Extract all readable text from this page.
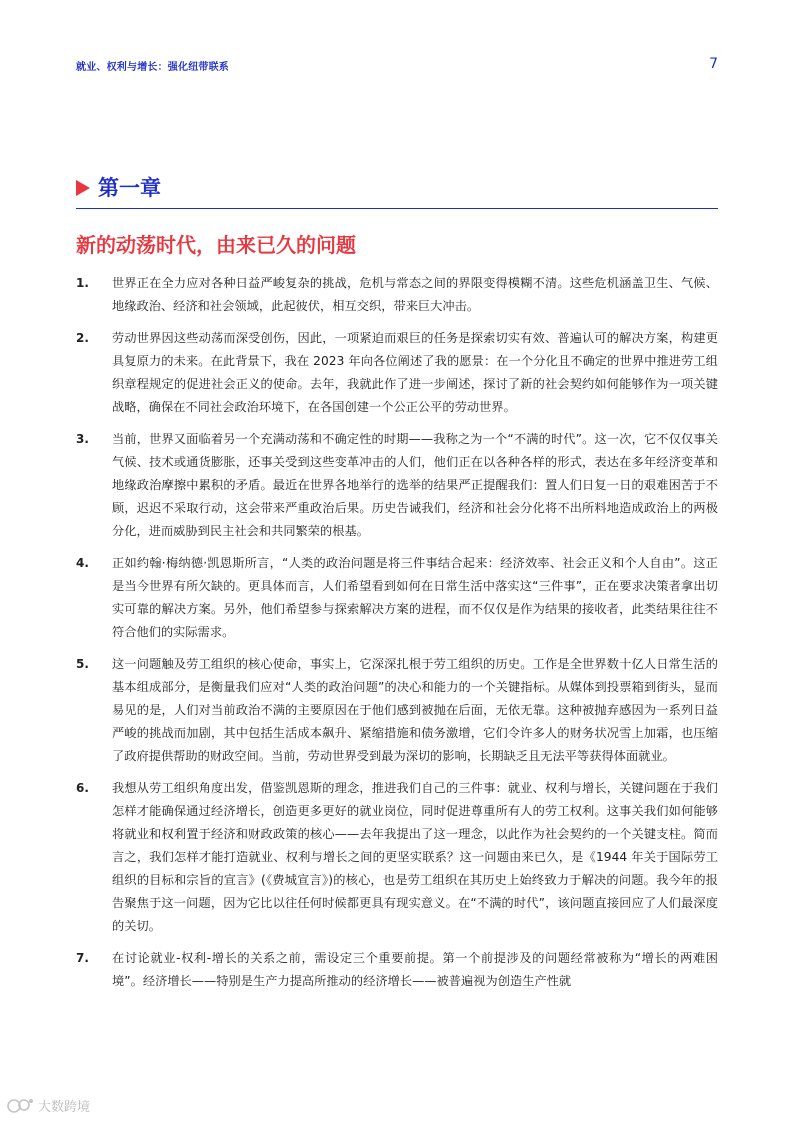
就业、权利与增长：强化纽带联系	7
第一章
新的动荡时代，由来已久的问题
1. 世界正在全力应对各种日益严峻复杂的挑战，危机与常态之间的界限变得模糊不清。这些危机涵盖卫生、气候、地缘政治、经济和社会领域，此起彼伏，相互交织，带来巨大冲击。
2. 劳动世界因这些动荡而深受创伤，因此，一项紧迫而艰巨的任务是探索切实有效、普遍认可的解决方案，构建更具复原力的未来。在此背景下，我在 2023 年向各位阐述了我的愿景：在一个分化且不确定的世界中推进劳工组织章程规定的促进社会正义的使命。去年，我就此作了进一步阐述，探讨了新的社会契约如何能够作为一项关键战略，确保在不同社会政治环境下，在各国创建一个公正公平的劳动世界。
3. 当前，世界又面临着另一个充满动荡和不确定性的时期——我称之为一个“不满的时代”。这一次，它不仅仅事关气候、技术或通货膨胀，还事关受到这些变革冲击的人们，他们正在以各种各样的形式，表达在多年经济变革和地缘政治摩擦中累积的矛盾。最近在世界各地举行的选举的结果严正提醒我们：置人们日复一日的艰难困苦于不顾，迟迟不采取行动，这会带来严重政治后果。历史告诫我们，经济和社会分化将不出所料地造成政治上的两极分化，进而威胁到民主社会和共同繁荣的根基。
4. 正如约翰·梅纳德·凯恩斯所言，“人类的政治问题是将三件事结合起来：经济效率、社会正义和个人自由”。这正是当今世界有所欠缺的。更具体而言，人们希望看到如何在日常生活中落实这“三件事”，正在要求决策者拿出切实可靠的解决方案。另外，他们希望参与探索解决方案的进程，而不仅仅是作为结果的接收者，此类结果往往不符合他们的实际需求。
5. 这一问题触及劳工组织的核心使命，事实上，它深深扎根于劳工组织的历史。工作是全世界数十亿人日常生活的基本组成部分，是衡量我们应对“人类的政治问题”的决心和能力的一个关键指标。从媒体到投票箱到街头，显而易见的是，人们对当前政治不满的主要原因在于他们感到被抛在后面，无依无靠。这种被抛弃感因为一系列日益严峻的挑战而加剧，其中包括生活成本飙升、紧缩措施和债务激增，它们令许多人的财务状况雪上加霜，也压缩了政府提供帮助的财政空间。当前，劳动世界受到最为深切的影响，长期缺乏且无法平等获得体面就业。
6. 我想从劳工组织角度出发，借鉴凯恩斯的理念，推进我们自己的三件事：就业、权利与增长，关键问题在于我们怎样才能确保通过经济增长，创造更多更好的就业岗位，同时促进尊重所有人的劳工权利。这事关我们如何能够将就业和权利置于经济和财政政策的核心——去年我提出了这一理念，以此作为社会契约的一个关键支柱。简而言之，我们怎样才能打造就业、权利与增长之间的更坚实联系？这一问题由来已久，是《1944 年关于国际劳工组织的目标和宗旨的宣言》(《费城宣言》)的核心，也是劳工组织在其历史上始终致力于解决的问题。我今年的报告聚焦于这一问题，因为它比以往任何时候都更具有现实意义。在“不满的时代”，该问题直接回应了人们最深度的关切。
7. 在讨论就业-权利-增长的关系之前，需设定三个重要前提。第一个前提涉及的问题经常被称为“增长的两难困境”。经济增长——特别是生产力提高所推动的经济增长——被普遍视为创造生产性就
大数跨境
